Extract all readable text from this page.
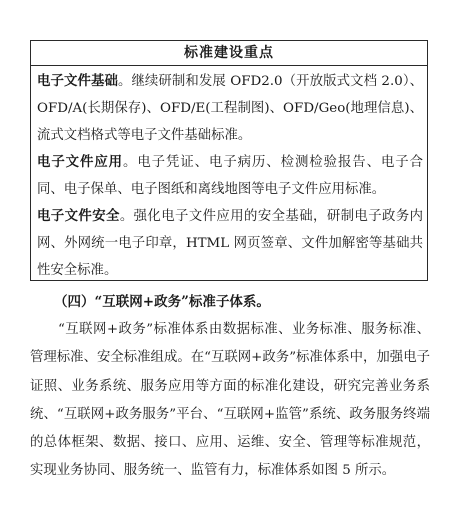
标准建设重点

电子文件基础。继续研制和发展 OFD2.0（开放版式文档 2.0）、OFD/A(长期保存)、OFD/E(工程制图)、OFD/Geo(地理信息)、流式文档格式等电子文件基础标准。

电子文件应用。电子凭证、电子病历、检测检验报告、电子合同、电子保单、电子图纸和离线地图等电子文件应用标准。

电子文件安全。强化电子文件应用的安全基础，研制电子政务内网、外网统一电子印章，HTML 网页签章、文件加解密等基础共性安全标准。

（四）“互联网+政务”标准子体系。

“互联网+政务”标准体系由数据标准、业务标准、服务标准、管理标准、安全标准组成。在“互联网+政务”标准体系中，加强电子证照、业务系统、服务应用等方面的标准化建设，研究完善业务系统、“互联网+政务服务”平台、“互联网+监管”系统、政务服务终端的总体框架、数据、接口、应用、运维、安全、管理等标准规范，实现业务协同、服务统一、监管有力，标准体系如图 5 所示。
